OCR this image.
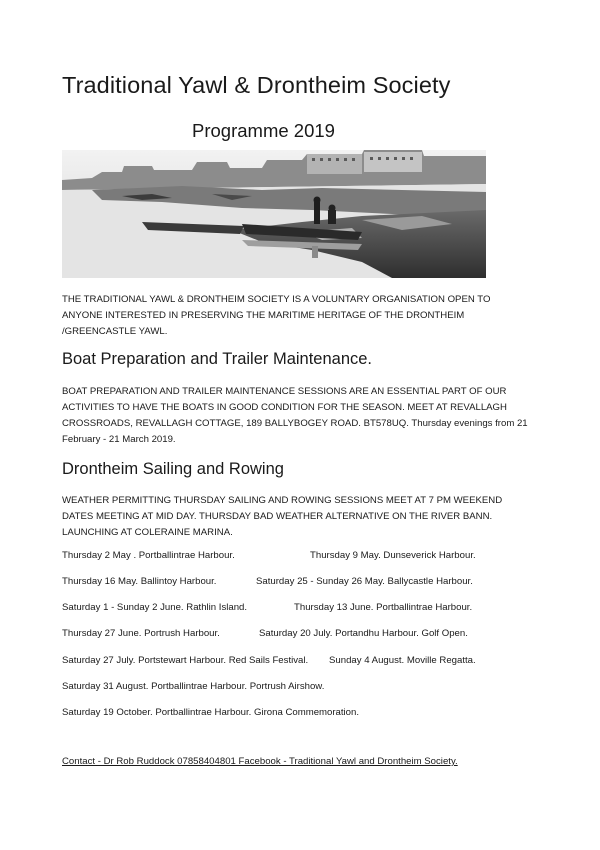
Traditional Yawl & Drontheim Society
Programme 2019

THE TRADITIONAL YAWL & DRONTHEIM SOCIETY IS A VOLUNTARY ORGANISATION OPEN TO ANYONE INTERESTED IN PRESERVING THE MARITIME HERITAGE OF THE DRONTHEIM /GREENCASTLE YAWL.

Boat Preparation and Trailer Maintenance.

BOAT PREPARATION AND TRAILER MAINTENANCE SESSIONS ARE AN ESSENTIAL PART OF OUR ACTIVITIES TO HAVE THE BOATS IN GOOD CONDITION FOR THE SEASON. MEET AT REVALLAGH CROSSROADS, REVALLAGH COTTAGE, 189 BALLYBOGEY ROAD. BT578UQ. Thursday evenings from 21 February - 21 March 2019.

Drontheim Sailing and Rowing

WEATHER PERMITTING THURSDAY SAILING AND ROWING SESSIONS MEET AT 7 PM WEEKEND DATES MEETING AT MID DAY. THURSDAY BAD WEATHER ALTERNATIVE ON THE RIVER BANN. LAUNCHING AT COLERAINE MARINA.

Thursday 2 May . Portballintrae Harbour.	Thursday 9 May. Dunseverick Harbour.
Thursday 16 May. Ballintoy Harbour.	Saturday 25 - Sunday 26 May. Ballycastle Harbour.
Saturday 1 - Sunday 2 June. Rathlin Island.	Thursday 13 June. Portballintrae Harbour.
Thursday 27 June. Portrush Harbour.	Saturday 20 July. Portandhu Harbour. Golf Open.
Saturday 27 July. Portstewart Harbour. Red Sails Festival. Sunday 4 August. Moville Regatta.
Saturday 31 August. Portballintrae Harbour. Portrush Airshow.
Saturday 19 October. Portballintrae Harbour. Girona Commemoration.

Contact - Dr Rob Ruddock 07858404801 Facebook - Traditional Yawl and Drontheim Society.
